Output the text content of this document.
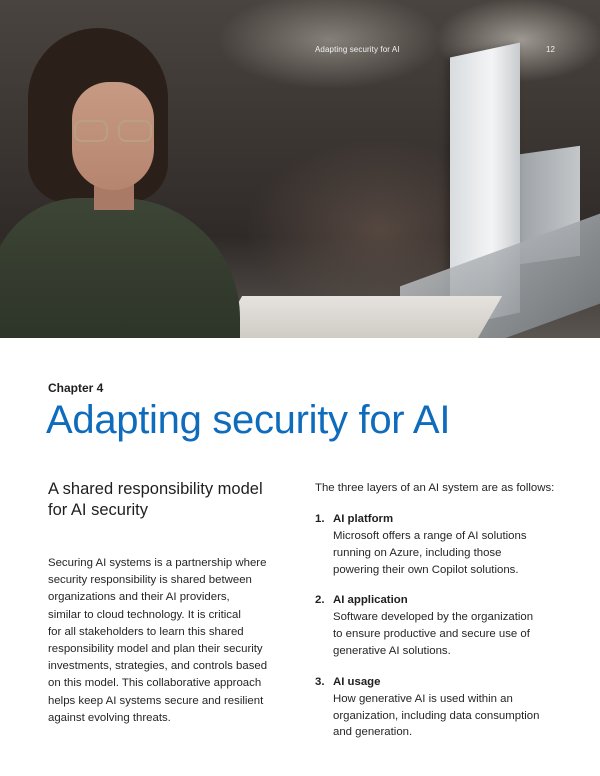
Adapting security for AI	12
Chapter 4
Adapting security for AI
A shared responsibility model
for AI security
Securing AI systems is a partnership where
security responsibility is shared between
organizations and their AI providers,
similar to cloud technology. It is critical
for all stakeholders to learn this shared
responsibility model and plan their security
investments, strategies, and controls based
on this model. This collaborative approach
helps keep AI systems secure and resilient
against evolving threats.

The three layers of an AI system are as follows:

1. AI platform
Microsoft offers a range of AI solutions
running on Azure, including those
powering their own Copilot solutions.
2. AI application
Software developed by the organization
to ensure productive and secure use of
generative AI solutions.
3. AI usage
How generative AI is used within an
organization, including data consumption
and generation.
